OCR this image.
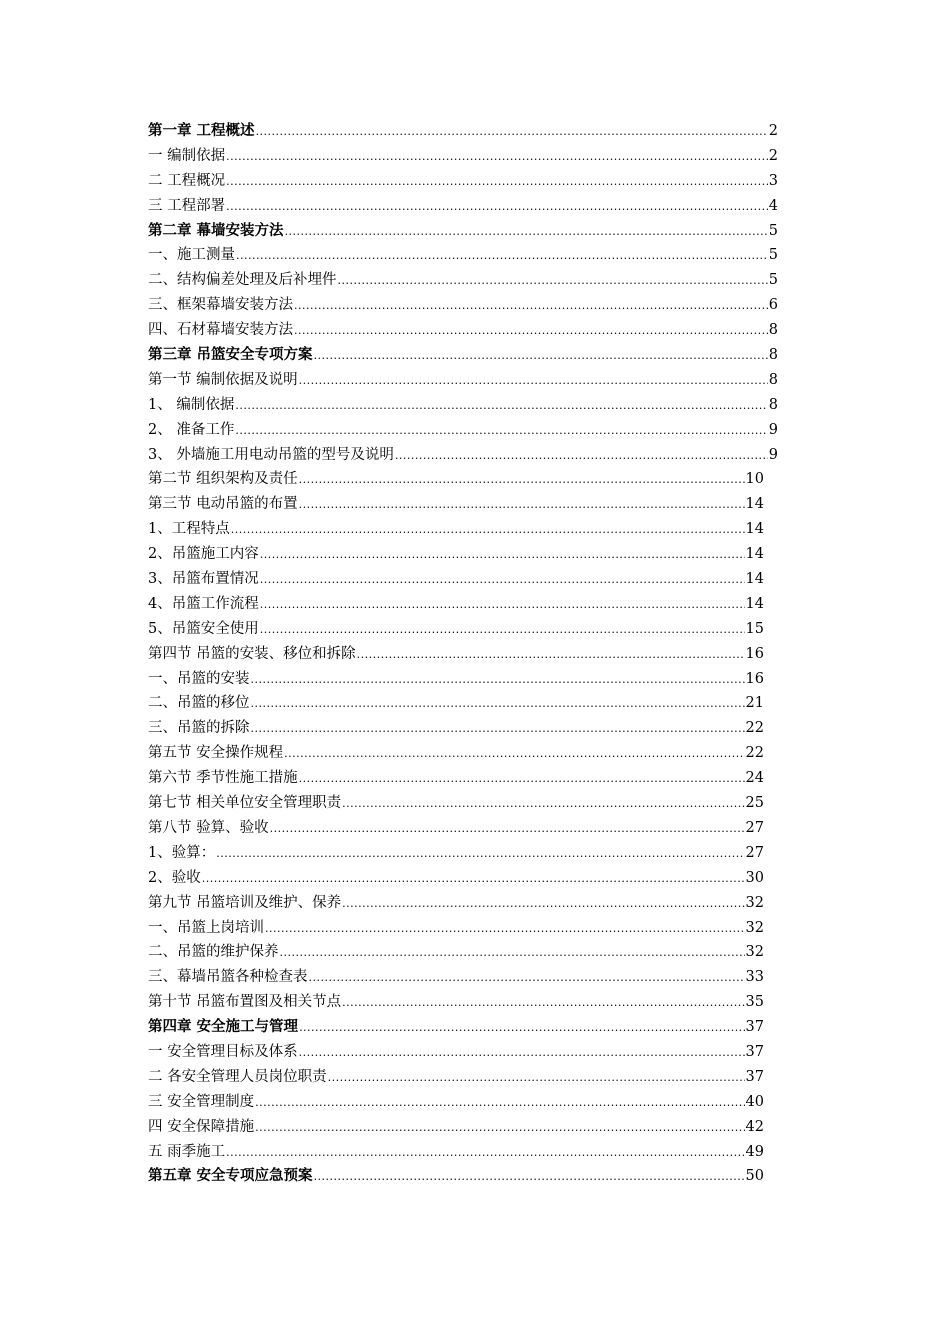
第一章 工程概述 .....	2
一 编制依据 .....	2
二 工程概况 .....	3
三 工程部署 .....	4
第二章 幕墙安装方法 .....	5
一、施工测量 .....	5
二、结构偏差处理及后补埋件 .....	5
三、框架幕墙安装方法 .....	6
四、石材幕墙安装方法 .....	8
第三章 吊篮安全专项方案 .....	8
第一节 编制依据及说明 .....	8
1、 编制依据 .....	8
2、 准备工作 .....	9
3、 外墙施工用电动吊篮的型号及说明 .....	9
第二节 组织架构及责任 .....	10
第三节 电动吊篮的布置 .....	14
1、工程特点 .....	14
2、吊篮施工内容 .....	14
3、吊篮布置情况 .....	14
4、吊篮工作流程 .....	14
5、吊篮安全使用 .....	15
第四节 吊篮的安装、移位和拆除 .....	16
一、吊篮的安装 .....	16
二、吊篮的移位 .....	21
三、吊篮的拆除 .....	22
第五节 安全操作规程 .....	22
第六节 季节性施工措施 .....	24
第七节 相关单位安全管理职责 .....	25
第八节 验算、验收 .....	27
1、验算： .....	27
2、验收 .....	30
第九节 吊篮培训及维护、保养 .....	32
一、吊篮上岗培训 .....	32
二、吊篮的维护保养 .....	32
三、幕墙吊篮各种检查表 .....	33
第十节 吊篮布置图及相关节点 .....	35
第四章 安全施工与管理 .....	37
一 安全管理目标及体系 .....	37
二 各安全管理人员岗位职责 .....	37
三 安全管理制度 .....	40
四 安全保障措施 .....	42
五 雨季施工 .....	49
第五章 安全专项应急预案 .....	50
